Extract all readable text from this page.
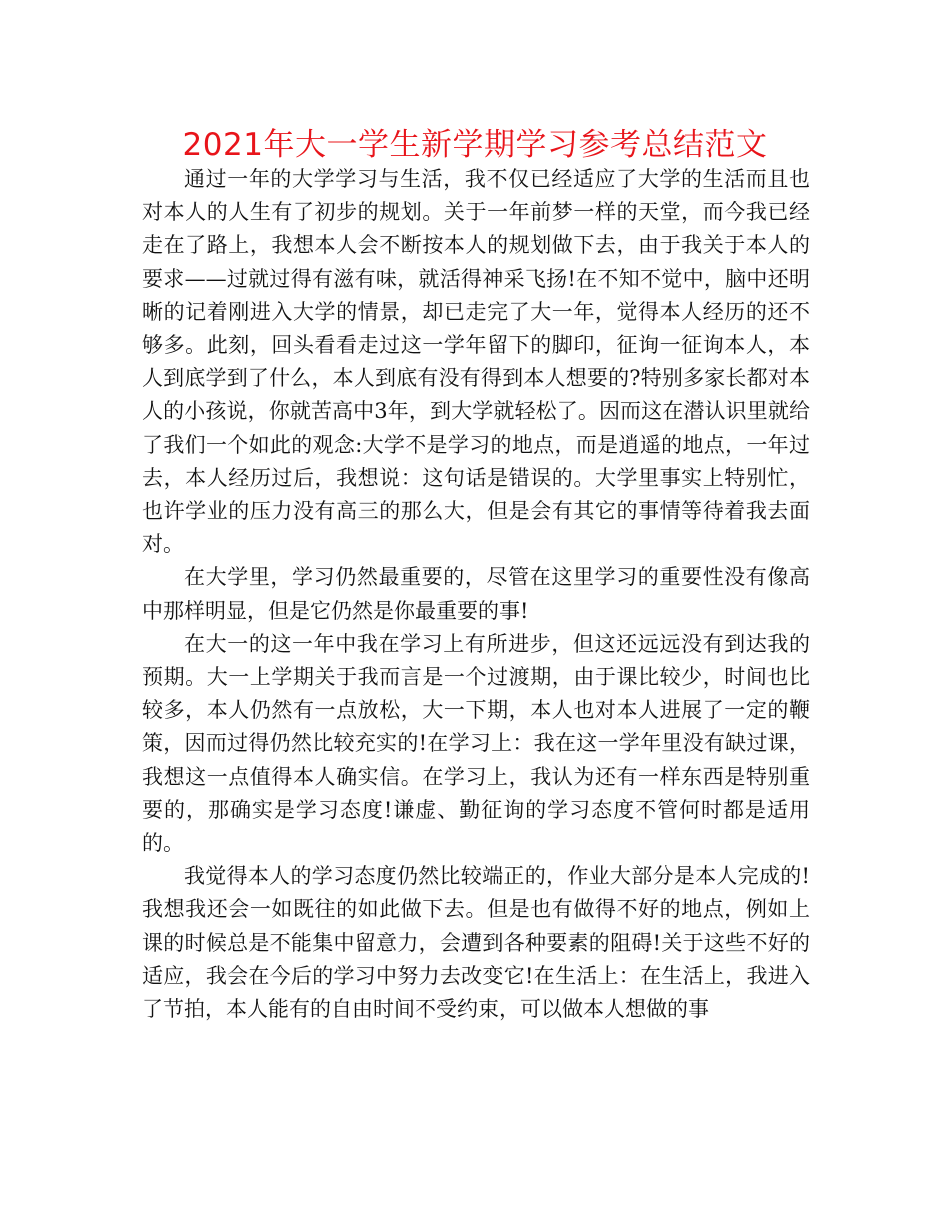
2021年大一学生新学期学习参考总结范文

通过一年的大学学习与生活，我不仅已经适应了大学的生活而且也对本人的人生有了初步的规划。关于一年前梦一样的天堂，而今我已经走在了路上，我想本人会不断按本人的规划做下去，由于我关于本人的要求——过就过得有滋有味，就活得神采飞扬!在不知不觉中，脑中还明晰的记着刚进入大学的情景，却已走完了大一年，觉得本人经历的还不够多。此刻，回头看看走过这一学年留下的脚印，征询一征询本人，本人到底学到了什么，本人到底有没有得到本人想要的?特别多家长都对本人的小孩说，你就苦高中3年，到大学就轻松了。因而这在潜认识里就给了我们一个如此的观念:大学不是学习的地点，而是逍遥的地点，一年过去，本人经历过后，我想说：这句话是错误的。大学里事实上特别忙，也许学业的压力没有高三的那么大，但是会有其它的事情等待着我去面对。

在大学里，学习仍然最重要的，尽管在这里学习的重要性没有像高中那样明显，但是它仍然是你最重要的事!

在大一的这一年中我在学习上有所进步，但这还远远没有到达我的预期。大一上学期关于我而言是一个过渡期，由于课比较少，时间也比较多，本人仍然有一点放松，大一下期，本人也对本人进展了一定的鞭策，因而过得仍然比较充实的!在学习上：我在这一学年里没有缺过课，我想这一点值得本人确实信。在学习上，我认为还有一样东西是特别重要的，那确实是学习态度!谦虚、勤征询的学习态度不管何时都是适用的。

我觉得本人的学习态度仍然比较端正的，作业大部分是本人完成的!我想我还会一如既往的如此做下去。但是也有做得不好的地点，例如上课的时候总是不能集中留意力，会遭到各种要素的阻碍!关于这些不好的适应，我会在今后的学习中努力去改变它!在生活上：在生活上，我进入了节拍，本人能有的自由时间不受约束，可以做本人想做的事
